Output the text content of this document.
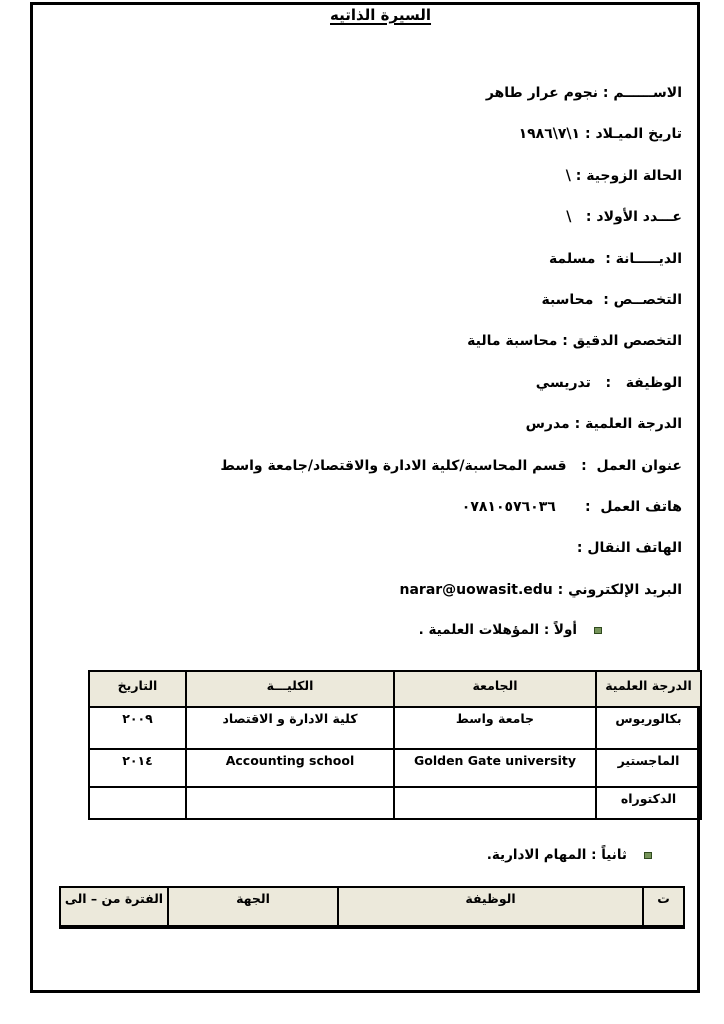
السيرة الذاتيه
الاســــــم : نجوم عرار طاهر
تاريخ الميـلاد : ١\٧\١٩٨٦
الحالة الزوجية : \
عـــدد الأولاد :   \
الديـــــانة :  مسلمة
التخصــص :  محاسبة
التخصص الدقيق : محاسبة مالية
الوظيفة   :   تدريسي
الدرجة العلمية : مدرس
عنوان العمل  :   قسم المحاسبة/كلية الادارة والاقتصاد/جامعة واسط
هاتف العمل  :      ٠٧٨١٠٥٧٦٠٣٦
الهاتف النقال :
البريد الإلكتروني : narar@uowasit.edu
أولاً : المؤهلات العلمية .
الدرجة العلمية	الجامعة	الكليـــة	التاريخ
بكالوريوس	جامعة واسط	كلية الادارة و الاقتصاد	٢٠٠٩
الماجستير	Golden Gate university	Accounting school	٢٠١٤
الدكتوراه			
ثانياً : المهام الادارية.
ت	الوظيفة	الجهة	الفترة من – الى
